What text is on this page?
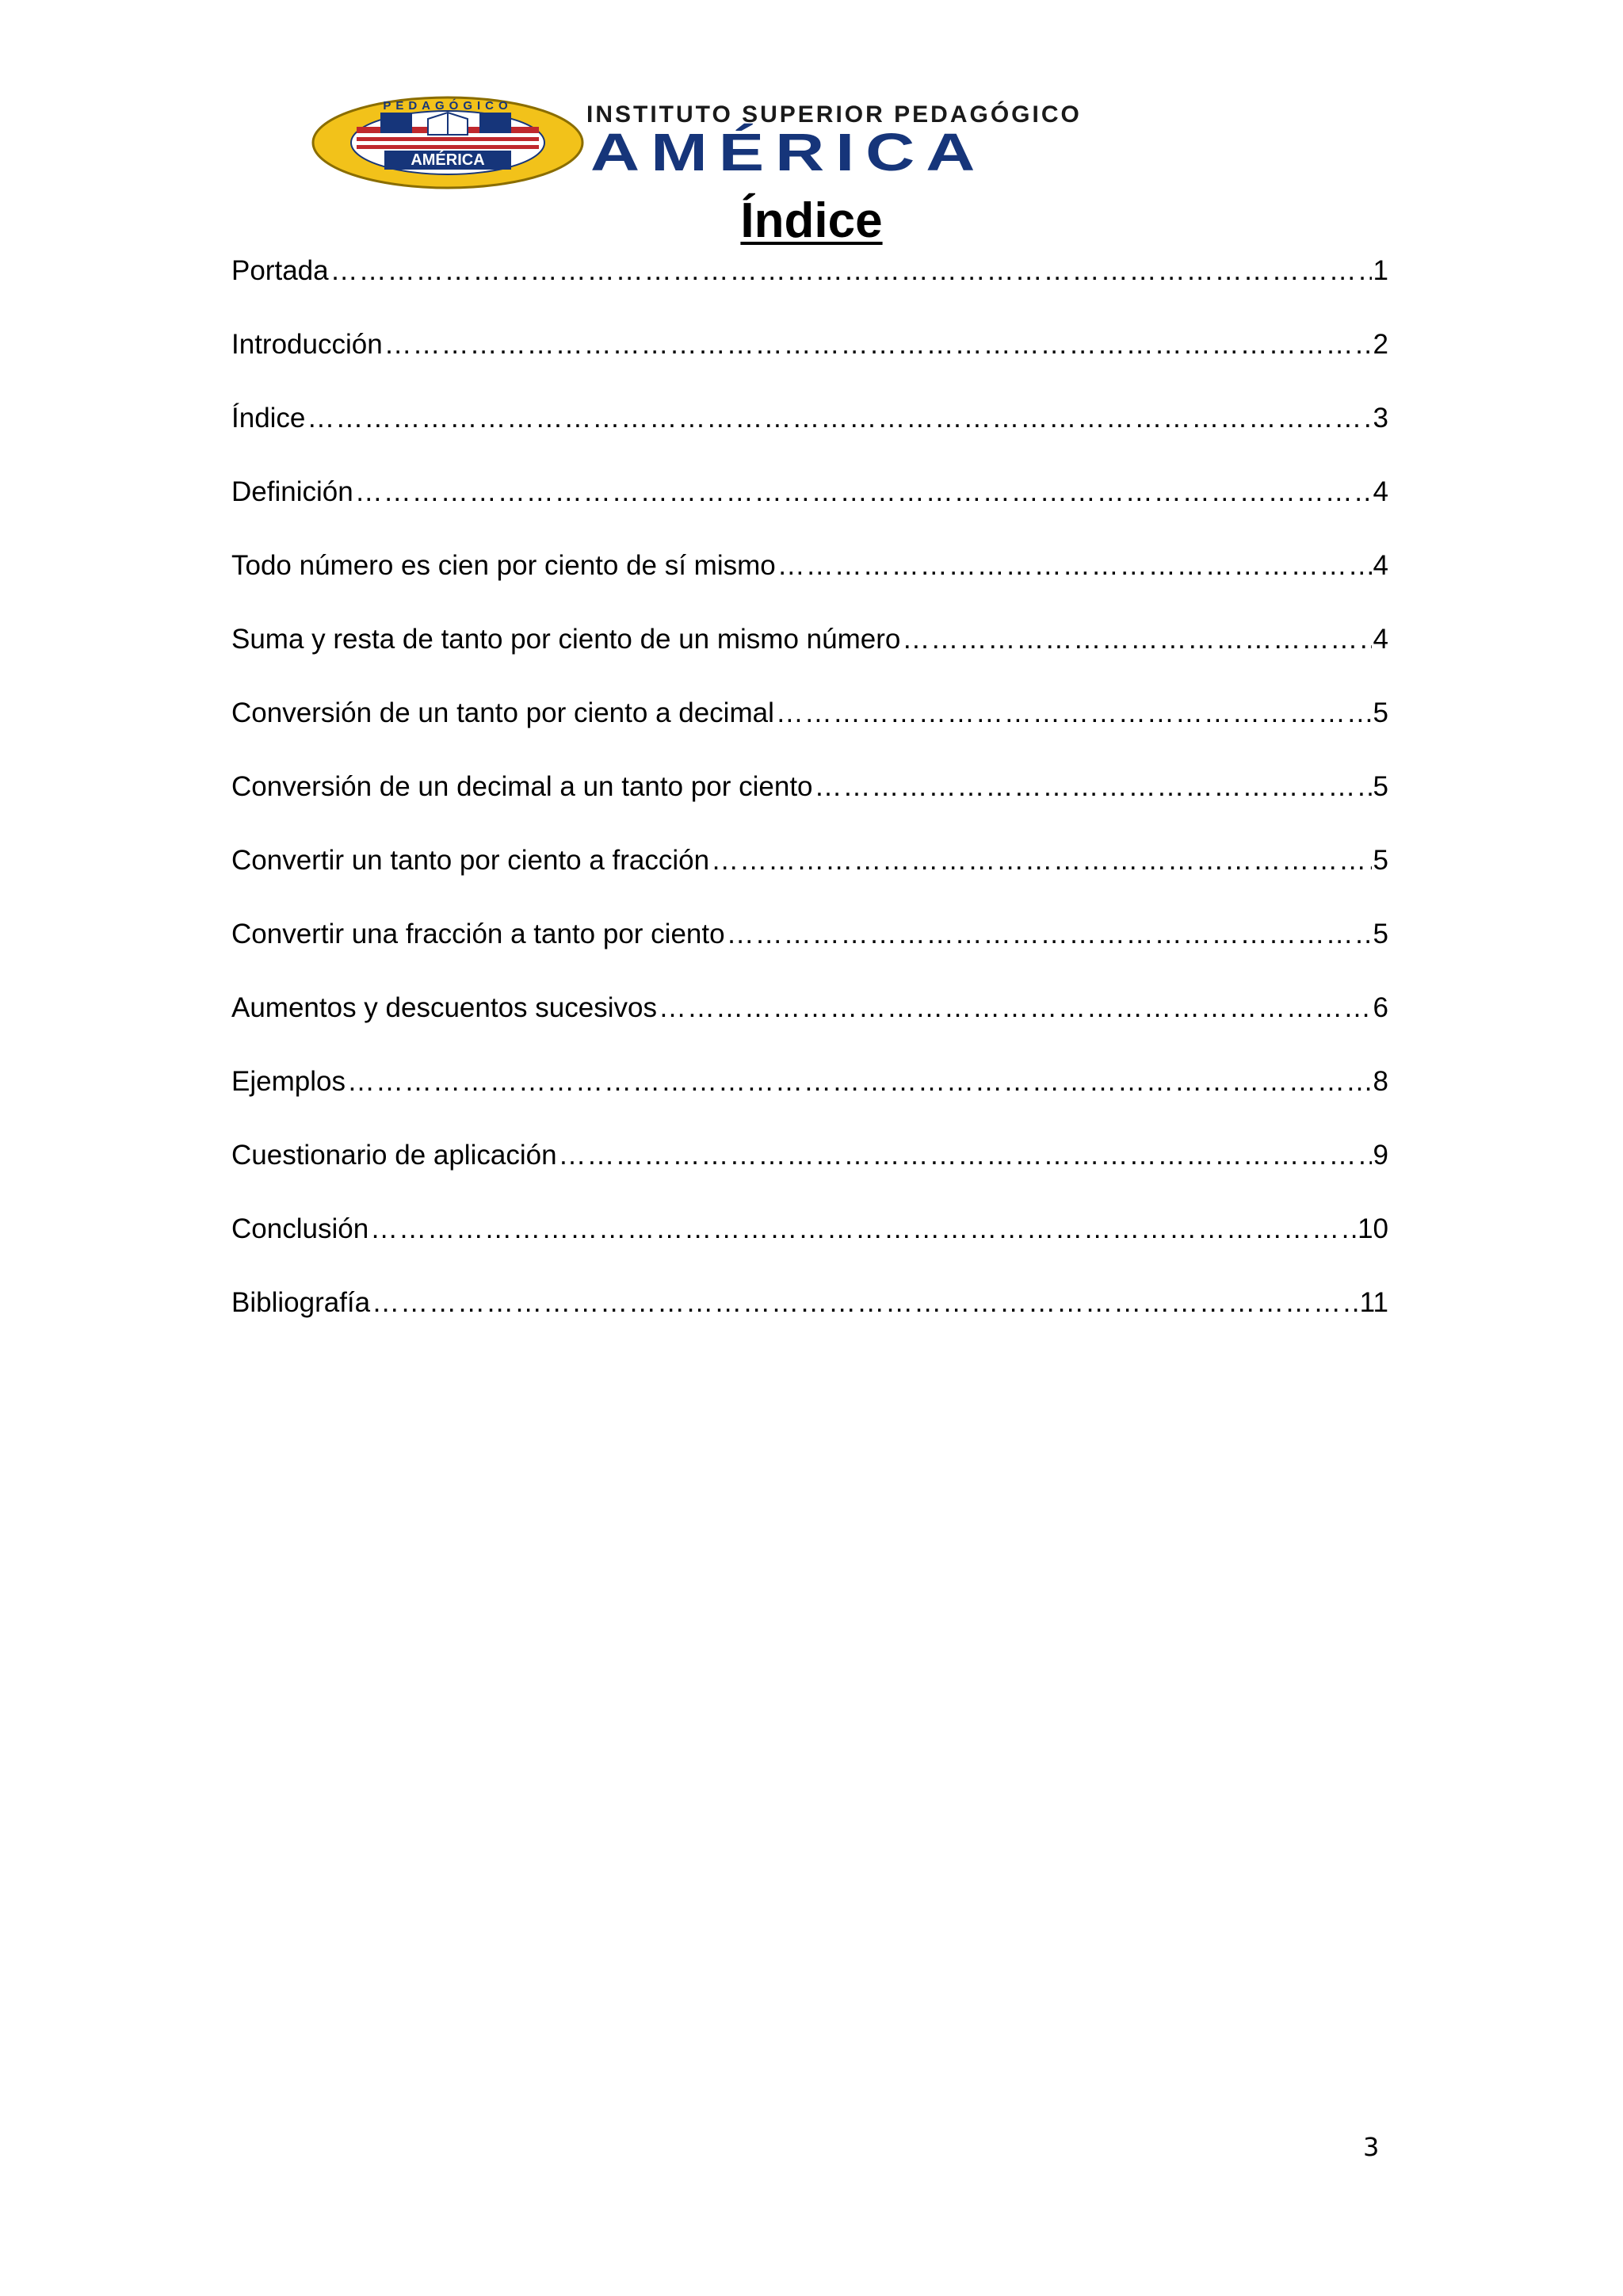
AMÉRICA
PEDAGÓGICO	INSTITUTO SUPERIOR PEDAGÓGICO
AMÉRICA
Índice
Portada ………………………………………………………………………………………………………………………………………………………………………………	1
Introducción ………………………………………………………………………………………………………………………………………………………………………………	2
Índice ………………………………………………………………………………………………………………………………………………………………………………	3
Definición ………………………………………………………………………………………………………………………………………………………………………………	4
Todo número es cien por ciento de sí mismo ………………………………………………………………………………………………………………………………………………………………………………	4
Suma y resta de tanto por ciento de un mismo número ………………………………………………………………………………………………………………………………………………………………………………	4
Conversión de un tanto por ciento a decimal ………………………………………………………………………………………………………………………………………………………………………………	5
Conversión de un decimal a un tanto por ciento ………………………………………………………………………………………………………………………………………………………………………………	5
Convertir un tanto por ciento a fracción ………………………………………………………………………………………………………………………………………………………………………………	5
Convertir una fracción a tanto por ciento ………………………………………………………………………………………………………………………………………………………………………………	5
Aumentos y descuentos sucesivos ………………………………………………………………………………………………………………………………………………………………………………	6
Ejemplos ………………………………………………………………………………………………………………………………………………………………………………	8
Cuestionario de aplicación ………………………………………………………………………………………………………………………………………………………………………………	9
Conclusión ………………………………………………………………………………………………………………………………………………………………………………	10
Bibliografía ………………………………………………………………………………………………………………………………………………………………………………	11
3
